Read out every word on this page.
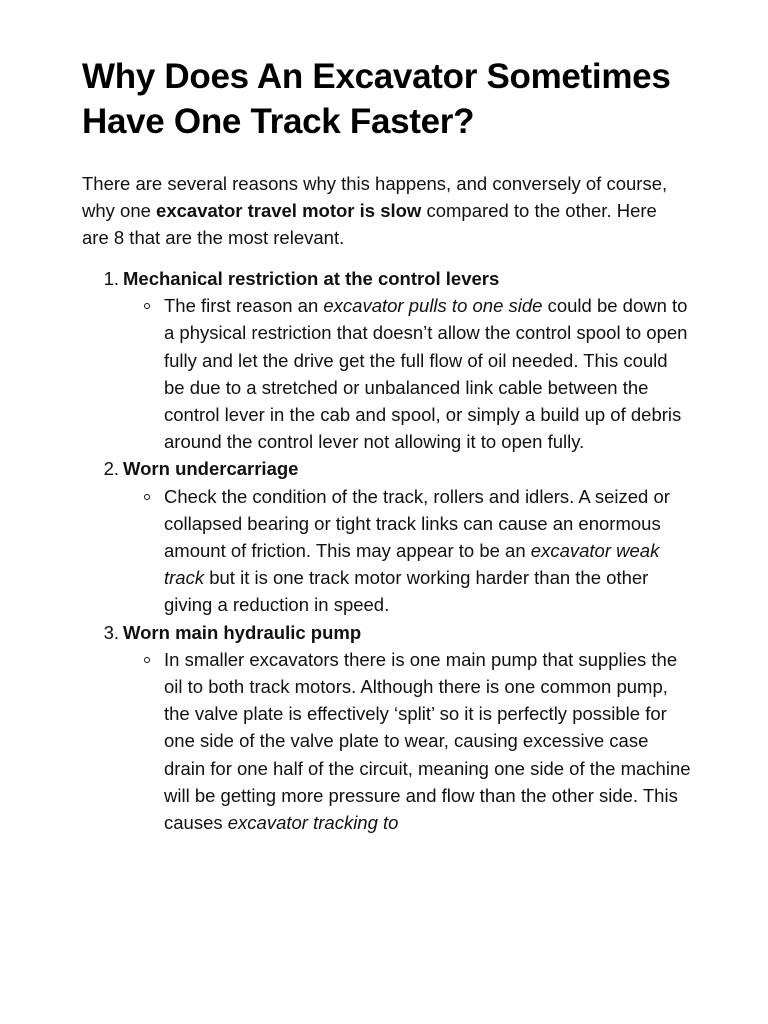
Why Does An Excavator Sometimes Have One Track Faster?

There are several reasons why this happens, and conversely of course, why one excavator travel motor is slow compared to the other. Here are 8 that are the most relevant.

1. Mechanical restriction at the control levers
The first reason an excavator pulls to one side could be down to a physical restriction that doesn’t allow the control spool to open fully and let the drive get the full flow of oil needed. This could be due to a stretched or unbalanced link cable between the control lever in the cab and spool, or simply a build up of debris around the control lever not allowing it to open fully.
2. Worn undercarriage
Check the condition of the track, rollers and idlers. A seized or collapsed bearing or tight track links can cause an enormous amount of friction. This may appear to be an excavator weak track but it is one track motor working harder than the other giving a reduction in speed.
3. Worn main hydraulic pump
In smaller excavators there is one main pump that supplies the oil to both track motors. Although there is one common pump, the valve plate is effectively ‘split’ so it is perfectly possible for one side of the valve plate to wear, causing excessive case drain for one half of the circuit, meaning one side of the machine will be getting more pressure and flow than the other side. This causes excavator tracking to
